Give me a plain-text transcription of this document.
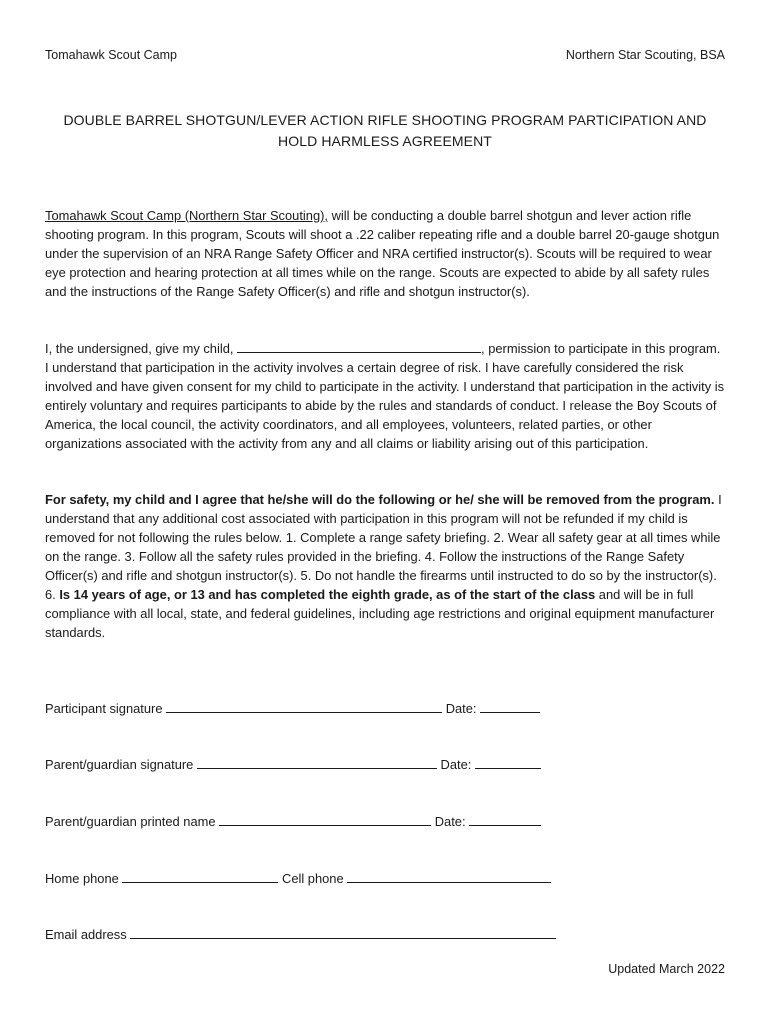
Tomahawk Scout Camp	Northern Star Scouting, BSA
DOUBLE BARREL SHOTGUN/LEVER ACTION RIFLE SHOOTING PROGRAM PARTICIPATION AND
HOLD HARMLESS AGREEMENT
Tomahawk Scout Camp (Northern Star Scouting), will be conducting a double barrel shotgun and lever action rifle shooting program. In this program, Scouts will shoot a .22 caliber repeating rifle and a double barrel 20-gauge shotgun under the supervision of an NRA Range Safety Officer and NRA certified instructor(s). Scouts will be required to wear eye protection and hearing protection at all times while on the range. Scouts are expected to abide by all safety rules and the instructions of the Range Safety Officer(s) and rifle and shotgun instructor(s).
I, the undersigned, give my child,	, permission to participate in this program. I understand that participation in the activity involves a certain degree of risk. I have carefully considered the risk involved and have given consent for my child to participate in the activity. I understand that participation in the activity is entirely voluntary and requires participants to abide by the rules and standards of conduct. I release the Boy Scouts of America, the local council, the activity coordinators, and all employees, volunteers, related parties, or other organizations associated with the activity from any and all claims or liability arising out of this participation.
For safety, my child and I agree that he/she will do the following or he/ she will be removed from the program. I understand that any additional cost associated with participation in this program will not be refunded if my child is removed for not following the rules below. 1. Complete a range safety briefing. 2. Wear all safety gear at all times while on the range. 3. Follow all the safety rules provided in the briefing. 4. Follow the instructions of the Range Safety Officer(s) and rifle and shotgun instructor(s). 5. Do not handle the firearms until instructed to do so by the instructor(s). 6. Is 14 years of age, or 13 and has completed the eighth grade, as of the start of the class and will be in full compliance with all local, state, and federal guidelines, including age restrictions and original equipment manufacturer standards.
Participant signature	Date:
Parent/guardian signature	Date:
Parent/guardian printed name	Date:
Home phone	Cell phone
Email address
Updated March 2022
